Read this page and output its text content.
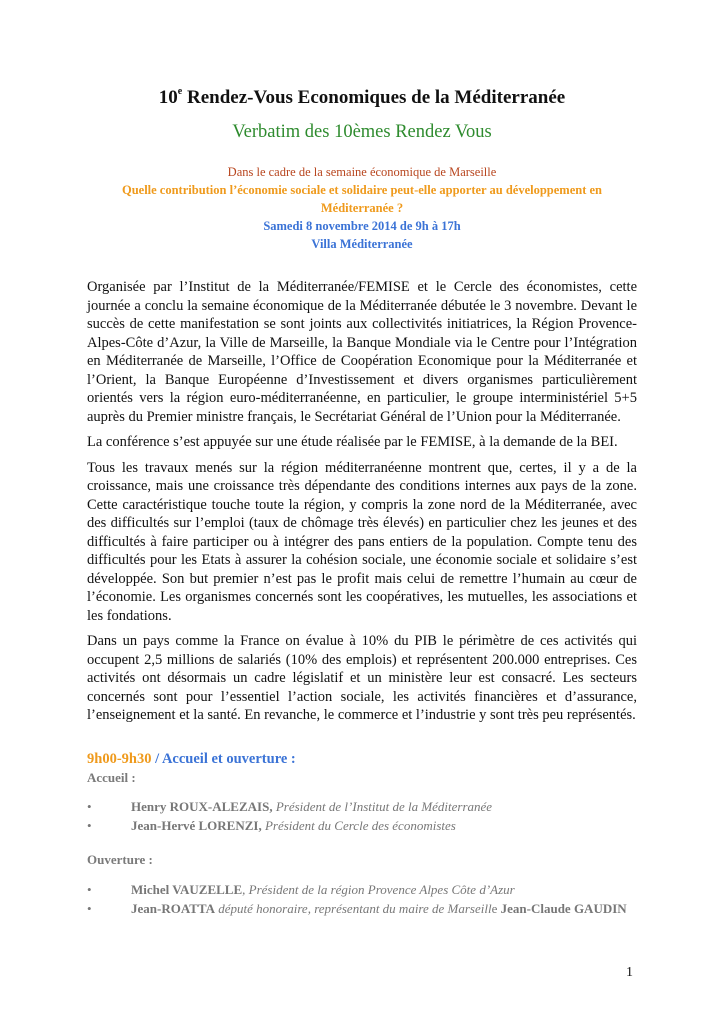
10e Rendez-Vous Economiques de la Méditerranée
Verbatim des 10èmes Rendez Vous
Dans le cadre de la semaine économique de Marseille
Quelle contribution l’économie sociale et solidaire peut-elle apporter au développement en Méditerranée ?
Samedi 8 novembre 2014 de 9h à 17h
Villa Méditerranée

Organisée par l’Institut de la Méditerranée/FEMISE et le Cercle des économistes, cette journée a conclu la semaine économique de la Méditerranée débutée le 3 novembre. Devant le succès de cette manifestation se sont joints aux collectivités initiatrices, la Région Provence-Alpes-Côte d’Azur, la Ville de Marseille, la Banque Mondiale via le Centre pour l’Intégration en Méditerranée de Marseille, l’Office de Coopération Economique pour la Méditerranée et l’Orient, la Banque Européenne d’Investissement et divers organismes particulièrement orientés vers la région euro-méditerranéenne, en particulier, le groupe interministériel 5+5 auprès du Premier ministre français, le Secrétariat Général de l’Union pour la Méditerranée.

La conférence s’est appuyée sur une étude réalisée par le FEMISE, à la demande de la BEI.

Tous les travaux menés sur la région méditerranéenne montrent que, certes, il y a de la croissance, mais une croissance très dépendante des conditions internes aux pays de la zone. Cette caractéristique touche toute la région, y compris la zone nord de la Méditerranée, avec des difficultés sur l’emploi (taux de chômage très élevés) en particulier chez les jeunes et des difficultés à faire participer ou à intégrer des pans entiers de la population. Compte tenu des difficultés pour les Etats à assurer la cohésion sociale, une économie sociale et solidaire s’est développée. Son but premier n’est pas le profit mais celui de remettre l’humain au cœur de l’économie. Les organismes concernés sont les coopératives, les mutuelles, les associations et les fondations.

Dans un pays comme la France on évalue à 10% du PIB le périmètre de ces activités qui occupent 2,5 millions de salariés (10% des emplois) et représentent 200.000 entreprises. Ces activités ont désormais un cadre législatif et un ministère leur est consacré. Les secteurs concernés sont pour l’essentiel l’action sociale, les activités financières et d’assurance, l’enseignement et la santé. En revanche, le commerce et l’industrie y sont très peu représentés.

9h00-9h30 / Accueil et ouverture :
Accueil :
•	Henry ROUX-ALEZAIS, Président de l’Institut de la Méditerranée
•	Jean-Hervé LORENZI, Président du Cercle des économistes
Ouverture :
•	Michel VAUZELLE, Président de la région Provence Alpes Côte d’Azur
•	Jean-ROATTA député honoraire, représentant du maire de Marseille Jean-Claude GAUDIN
1
